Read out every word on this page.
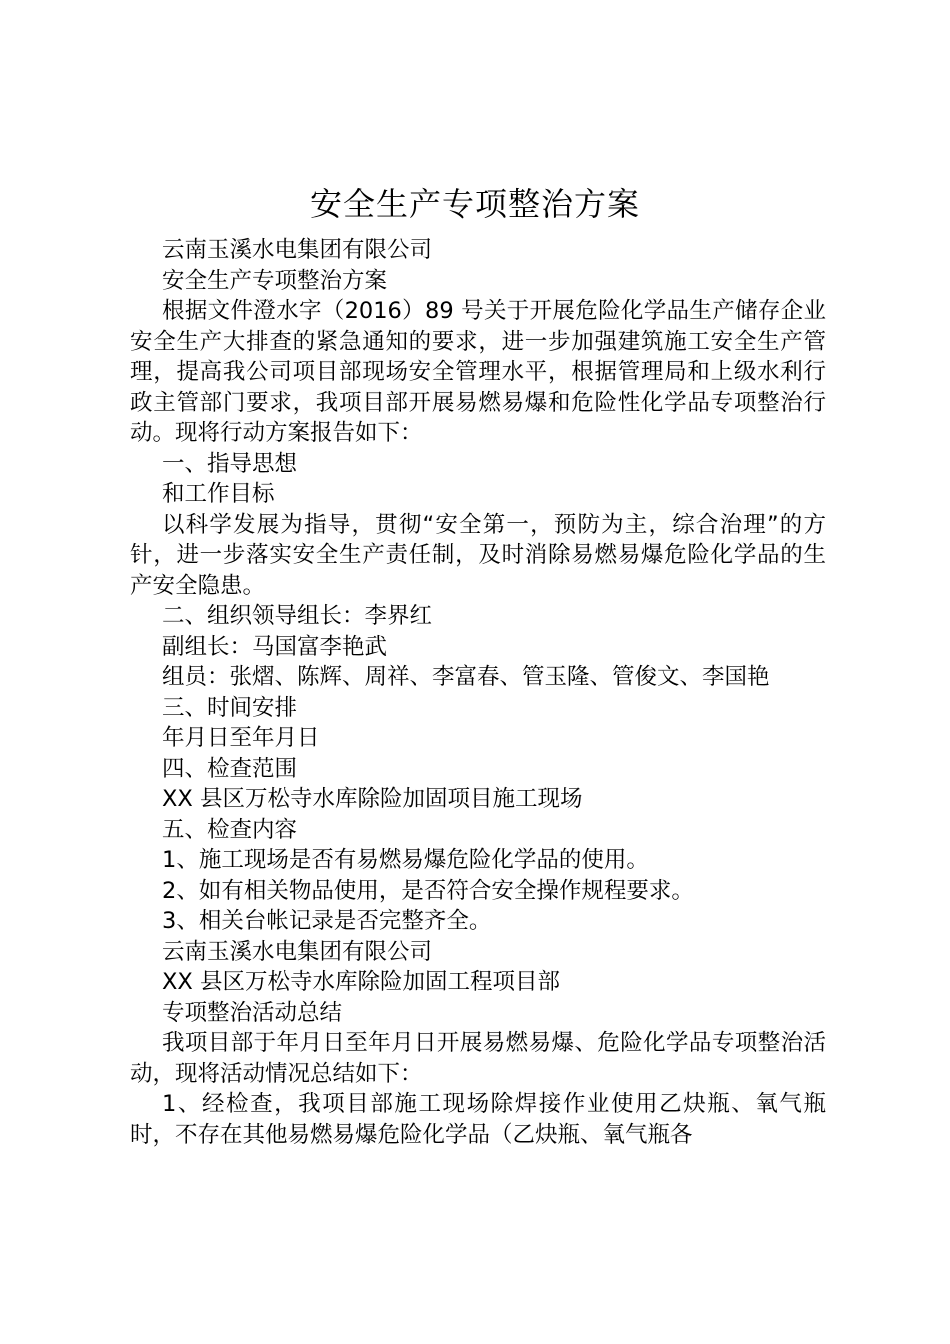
安全生产专项整治方案

云南玉溪水电集团有限公司

安全生产专项整治方案

根据文件澄水字（2016）89 号关于开展危险化学品生产储存企业安全生产大排查的紧急通知的要求，进一步加强建筑施工安全生产管理，提高我公司项目部现场安全管理水平，根据管理局和上级水利行政主管部门要求，我项目部开展易燃易爆和危险性化学品专项整治行动。现将行动方案报告如下：

一、指导思想

和工作目标

以科学发展为指导，贯彻“安全第一，预防为主，综合治理”的方针，进一步落实安全生产责任制，及时消除易燃易爆危险化学品的生产安全隐患。

二、组织领导组长：李界红

副组长：马国富李艳武

组员：张熠、陈辉、周祥、李富春、管玉隆、管俊文、李国艳

三、时间安排

年月日至年月日

四、检查范围

XX 县区万松寺水库除险加固项目施工现场

五、检查内容

1、施工现场是否有易燃易爆危险化学品的使用。

2、如有相关物品使用，是否符合安全操作规程要求。

3、相关台帐记录是否完整齐全。

云南玉溪水电集团有限公司

XX 县区万松寺水库除险加固工程项目部

专项整治活动总结

我项目部于年月日至年月日开展易燃易爆、危险化学品专项整治活动，现将活动情况总结如下：

1、经检查，我项目部施工现场除焊接作业使用乙炔瓶、氧气瓶时，不存在其他易燃易爆危险化学品（乙炔瓶、氧气瓶各
